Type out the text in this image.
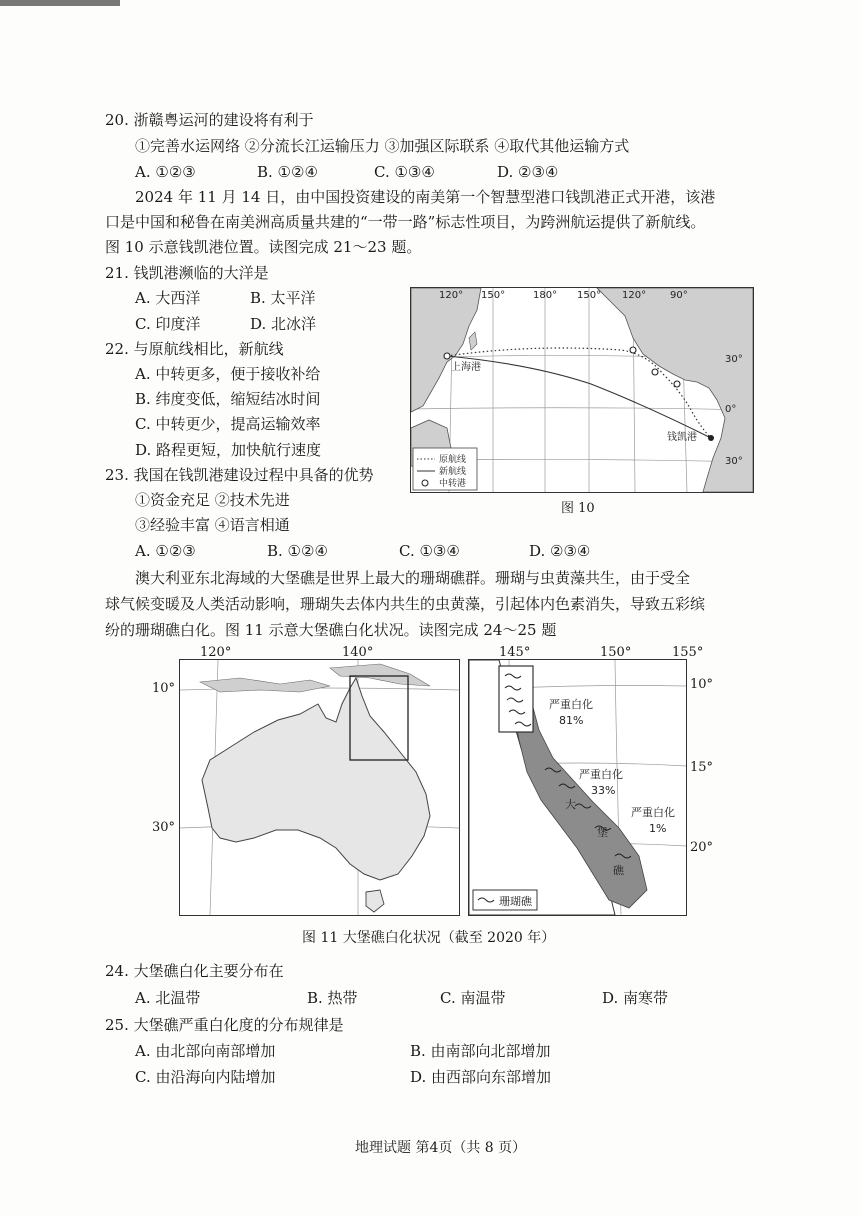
20. 浙赣粤运河的建设将有利于
①完善水运网络 ②分流长江运输压力 ③加强区际联系 ④取代其他运输方式
A. ①②③	B. ①②④	C. ①③④	D. ②③④
2024 年 11 月 14 日，由中国投资建设的南美第一个智慧型港口钱凯港正式开港，该港
口是中国和秘鲁在南美洲高质量共建的“一带一路”标志性项目，为跨洲航运提供了新航线。
图 10 示意钱凯港位置。读图完成 21～23 题。
21. 钱凯港濒临的大洋是
A. 大西洋	B. 太平洋
C. 印度洋	D. 北冰洋
22. 与原航线相比，新航线
A. 中转更多，便于接收补给
B. 纬度变低，缩短结冰时间
C. 中转更少，提高运输效率
D. 路程更短，加快航行速度
23. 我国在钱凯港建设过程中具备的优势
①资金充足 ②技术先进
③经验丰富 ④语言相通
A. ①②③	B. ①②④	C. ①③④	D. ②③④
120° 150°	180° 150° 120° 90°
30°
0°
30°
上海港
钱凯港
原航线
新航线
中转港
图 10
澳大利亚东北海域的大堡礁是世界上最大的珊瑚礁群。珊瑚与虫黄藻共生，由于受全
球气候变暖及人类活动影响，珊瑚失去体内共生的虫黄藻，引起体内色素消失，导致五彩缤
纷的珊瑚礁白化。图 11 示意大堡礁白化状况。读图完成 24～25 题
120°	140°
10°
30°
严重白化
81%
严重白化
33%
严重白化
1%
大
堡
礁
珊瑚礁
145°	150°	155°
10°
15°
20°
图 11 大堡礁白化状况（截至 2020 年）
24. 大堡礁白化主要分布在
A. 北温带	B. 热带	C. 南温带	D. 南寒带
25. 大堡礁严重白化度的分布规律是
A. 由北部向南部增加	B. 由南部向北部增加
C. 由沿海向内陆增加	D. 由西部向东部增加
地理试题 第4页（共 8 页）
